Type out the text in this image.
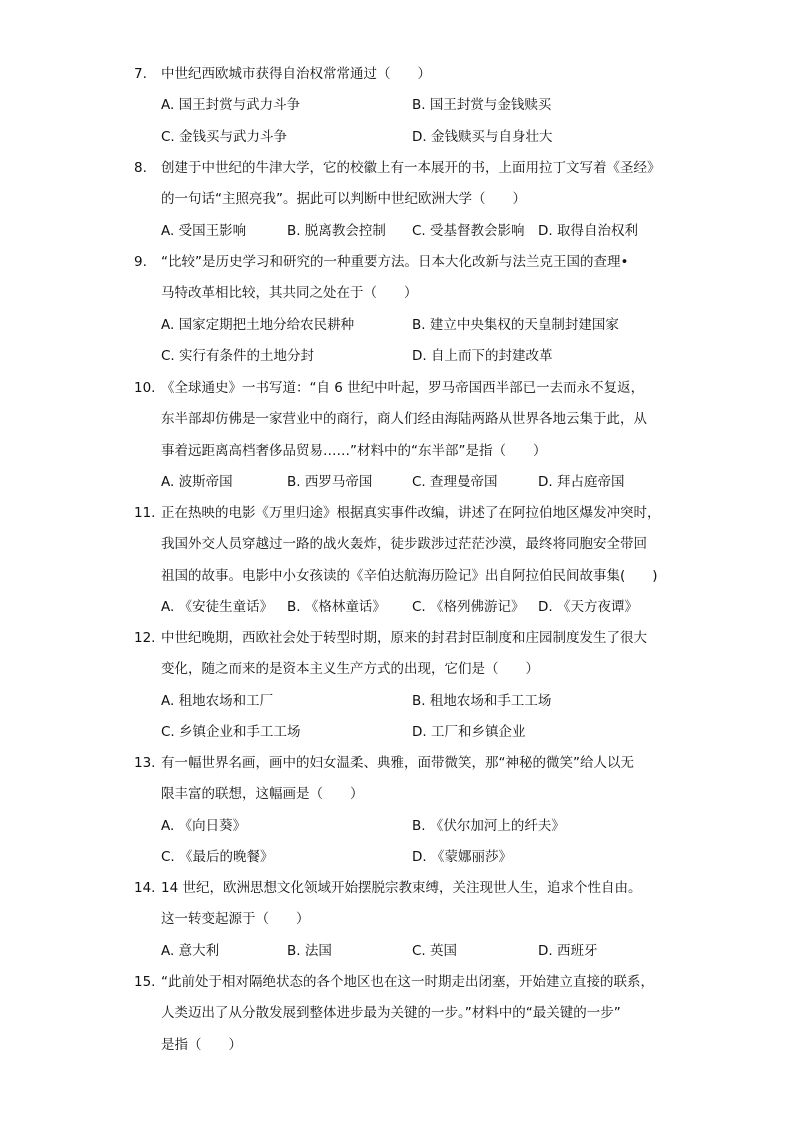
7. 中世纪西欧城市获得自治权常常通过（　　）
A. 国王封赏与武力斗争	B. 国王封赏与金钱赎买
C. 金钱买与武力斗争	D. 金钱赎买与自身壮大
8. 创建于中世纪的牛津大学，它的校徽上有一本展开的书，上面用拉丁文写着《圣经》
的一句话“主照亮我”。据此可以判断中世纪欧洲大学（　　）
A. 受国王影响	B. 脱离教会控制 C. 受基督教会影响 D. 取得自治权利
9. “比较”是历史学习和研究的一种重要方法。日本大化改新与法兰克王国的查理•
马特改革相比较，其共同之处在于（　　）
A. 国家定期把土地分给农民耕种	B. 建立中央集权的天皇制封建国家
C. 实行有条件的土地分封	D. 自上而下的封建改革
10. 《全球通史》一书写道：“自 6 世纪中叶起，罗马帝国西半部已一去而永不复返，
东半部却仿佛是一家营业中的商行，商人们经由海陆两路从世界各地云集于此，从
事着远距离高档奢侈品贸易……”材料中的“东半部”是指（　　）
A. 波斯帝国	B. 西罗马帝国	C. 查理曼帝国	D. 拜占庭帝国
11. 正在热映的电影《万里归途》根据真实事件改编，讲述了在阿拉伯地区爆发冲突时，
我国外交人员穿越过一路的战火轰炸，徒步跋涉过茫茫沙漠，最终将同胞安全带回
祖国的故事。电影中小女孩读的《辛伯达航海历险记》出自阿拉伯民间故事集(　　)
A. 《安徒生童话》 B. 《格林童话》 C. 《格列佛游记》 D. 《天方夜谭》
12. 中世纪晚期，西欧社会处于转型时期，原来的封君封臣制度和庄园制度发生了很大
变化，随之而来的是资本主义生产方式的出现，它们是（　　）
A. 租地农场和工厂	B. 租地农场和手工工场
C. 乡镇企业和手工工场	D. 工厂和乡镇企业
13. 有一幅世界名画，画中的妇女温柔、典雅，面带微笑，那“神秘的微笑”给人以无
限丰富的联想，这幅画是（　　）
A. 《向日葵》	B. 《伏尔加河上的纤夫》
C. 《最后的晚餐》	D. 《蒙娜丽莎》
14. 14 世纪，欧洲思想文化领域开始摆脱宗教束缚，关注现世人生，追求个性自由。
这一转变起源于（　　）
A. 意大利	B. 法国	C. 英国	D. 西班牙
15. “此前处于相对隔绝状态的各个地区也在这一时期走出闭塞，开始建立直接的联系，
人类迈出了从分散发展到整体进步最为关键的一步。”材料中的“最关键的一步”
是指（　　）
